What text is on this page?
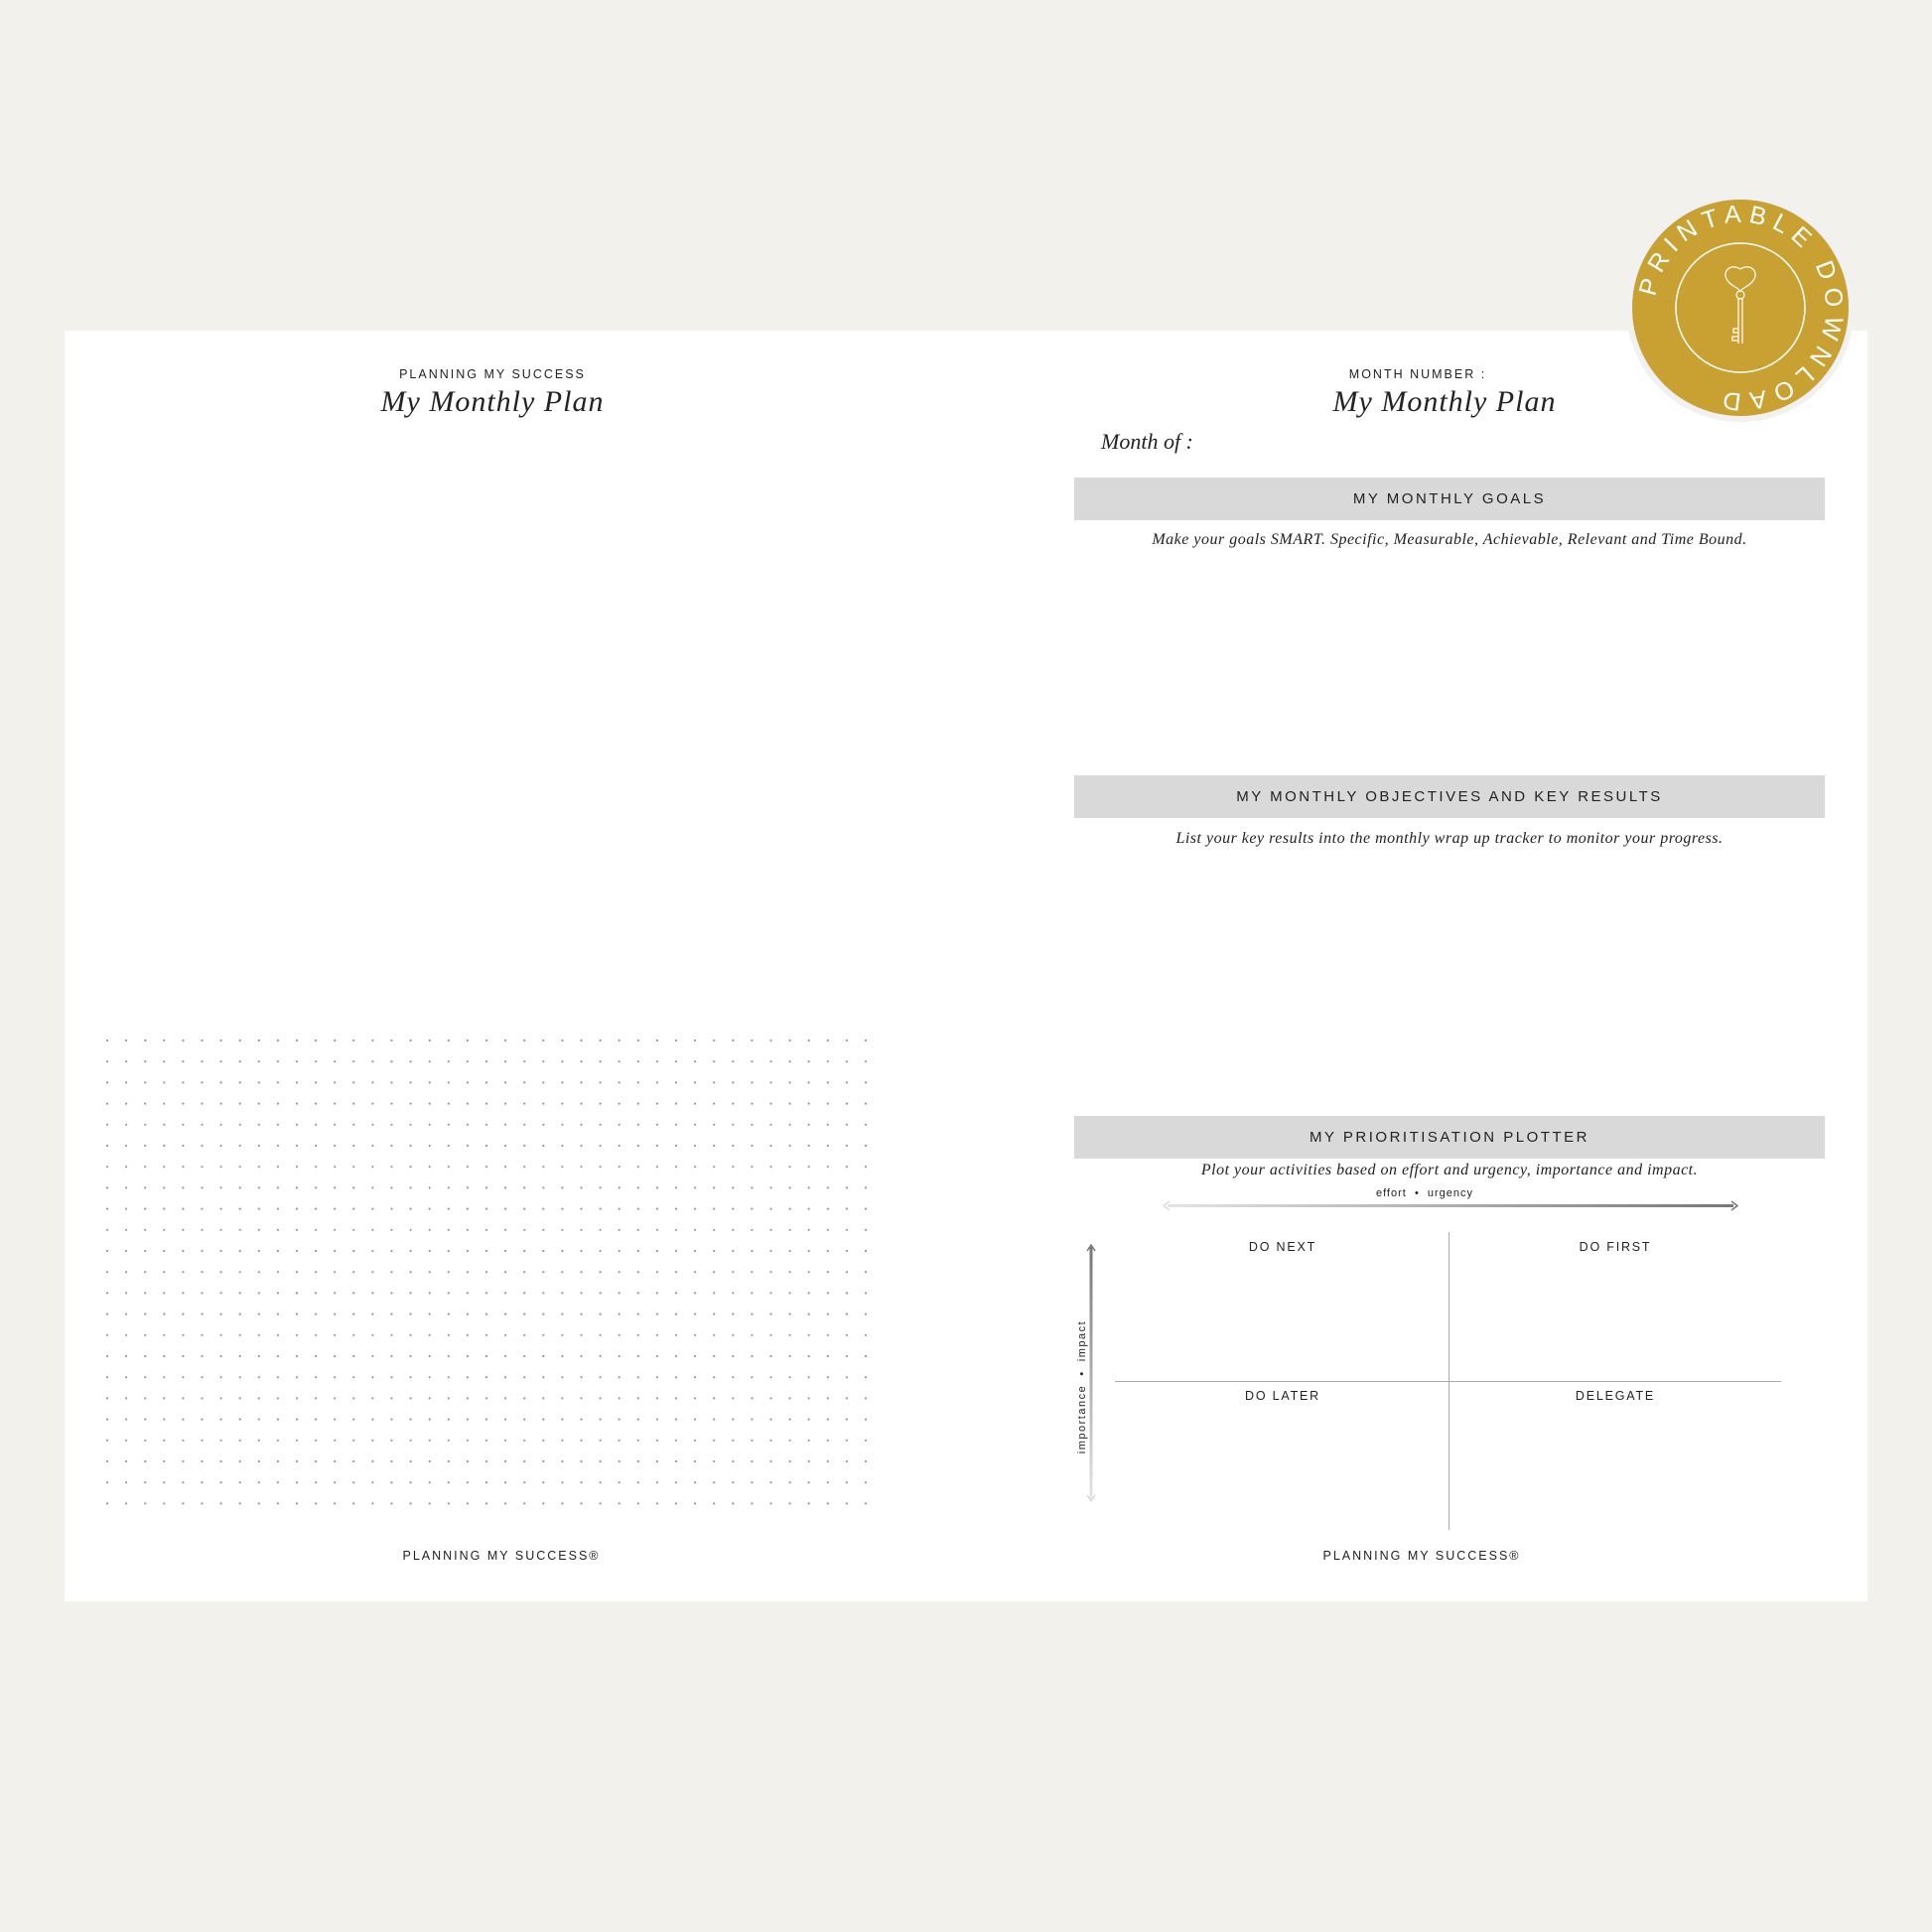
PLANNING MY SUCCESS
My Monthly Plan
PLANNING MY SUCCESS®
MONTH NUMBER :
My Monthly Plan
Month of :
MY MONTHLY GOALS
Make your goals SMART. Specific, Measurable, Achievable, Relevant and Time Bound.
MY MONTHLY OBJECTIVES AND KEY RESULTS
List your key results into the monthly wrap up tracker to monitor your progress.
MY PRIORITISATION PLOTTER
Plot your activities based on effort and urgency, importance and impact.
effort  •  urgency
importance  •  impact
DO NEXT	DO FIRST
DO LATER	DELEGATE
PLANNING MY SUCCESS®
PRINTABLE DOWNLOAD
